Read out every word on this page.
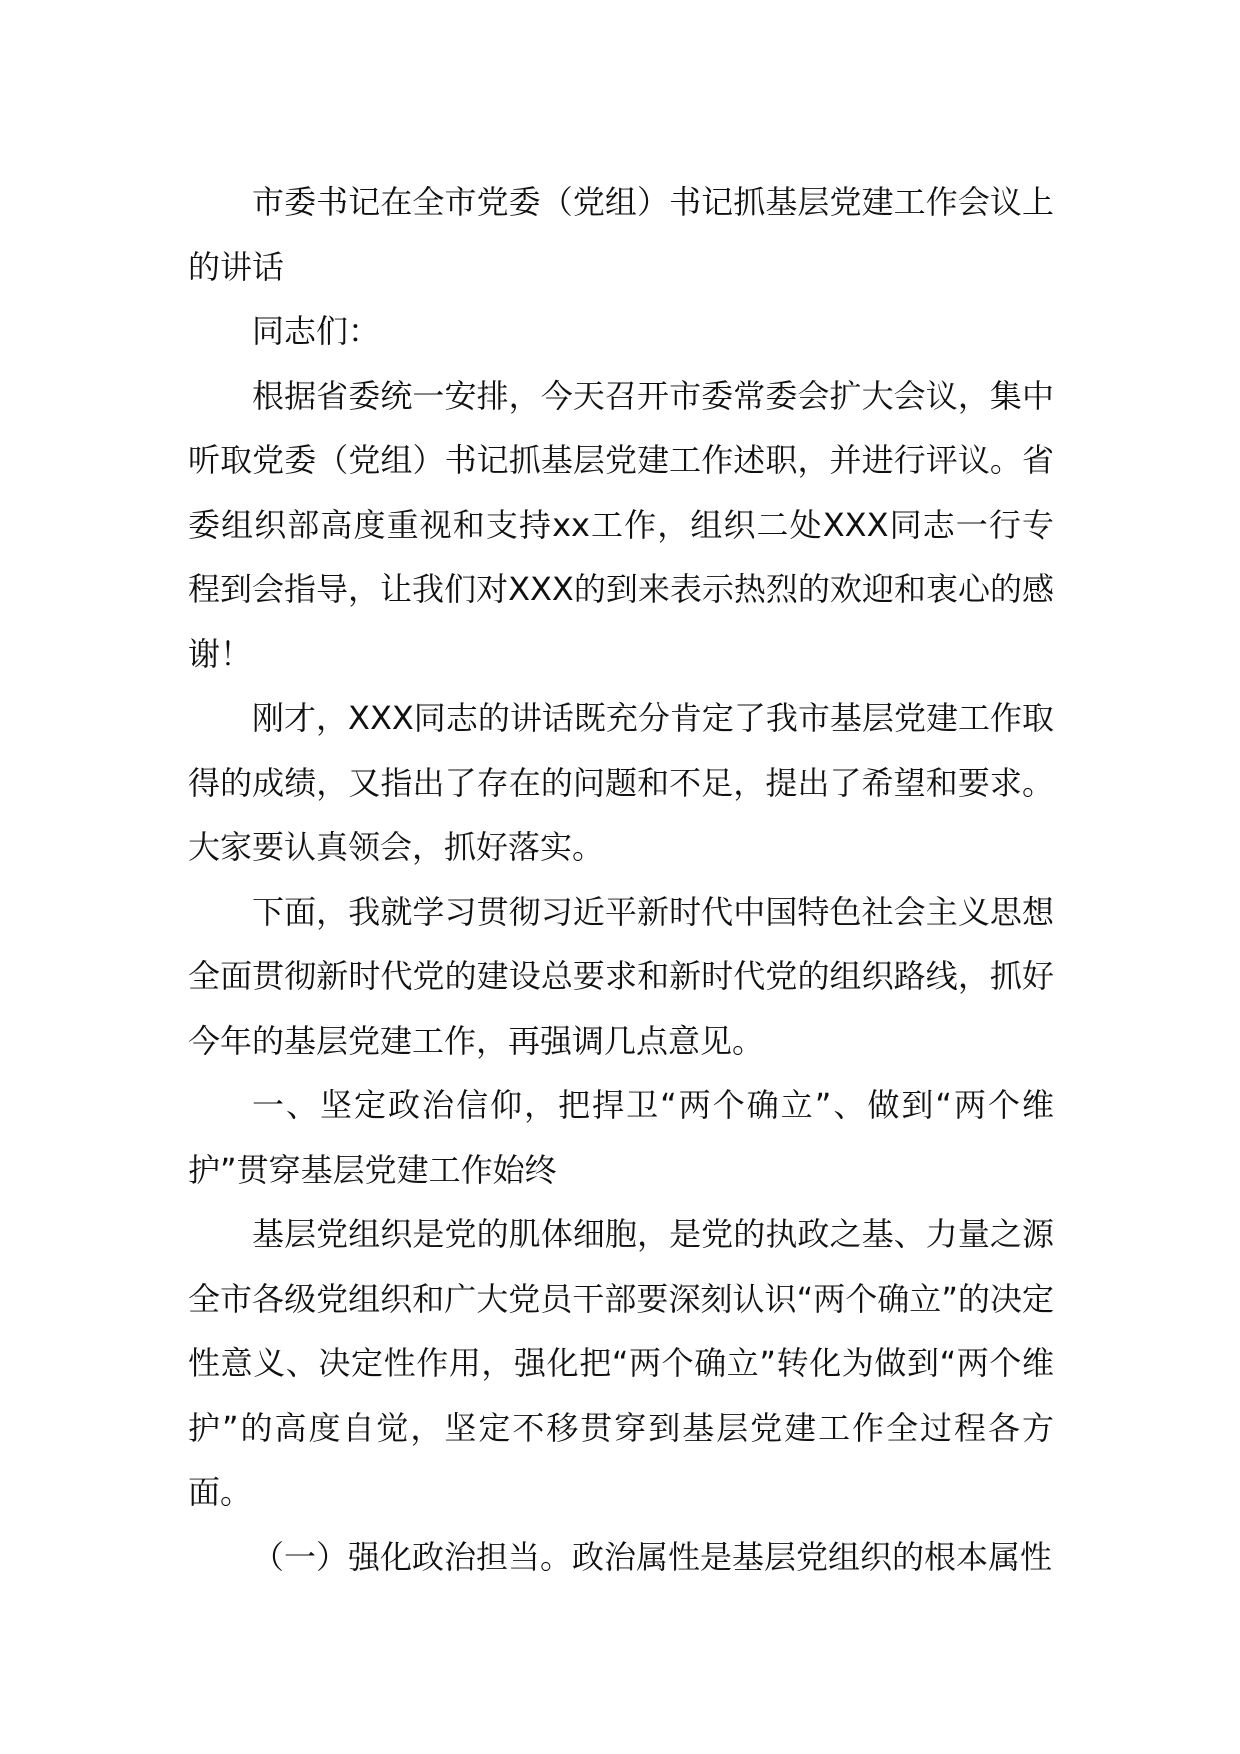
市委书记在全市党委（党组）书记抓基层党建工作会议上的讲话

同志们：

根据省委统一安排，今天召开市委常委会扩大会议，集中听取党委（党组）书记抓基层党建工作述职，并进行评议。省委组织部高度重视和支持xx工作，组织二处XXX同志一行专程到会指导，让我们对XXX的到来表示热烈的欢迎和衷心的感谢！

刚才，XXX同志的讲话既充分肯定了我市基层党建工作取得的成绩，又指出了存在的问题和不足，提出了希望和要求。大家要认真领会，抓好落实。

下面，我就学习贯彻习近平新时代中国特色社会主义思想全面贯彻新时代党的建设总要求和新时代党的组织路线，抓好今年的基层党建工作，再强调几点意见。

一、坚定政治信仰，把捍卫“两个确立”、做到“两个维护”贯穿基层党建工作始终

基层党组织是党的肌体细胞，是党的执政之基、力量之源全市各级党组织和广大党员干部要深刻认识“两个确立”的决定性意义、决定性作用，强化把“两个确立”转化为做到“两个维护”的高度自觉，坚定不移贯穿到基层党建工作全过程各方面。

（一）强化政治担当。政治属性是基层党组织的根本属性
